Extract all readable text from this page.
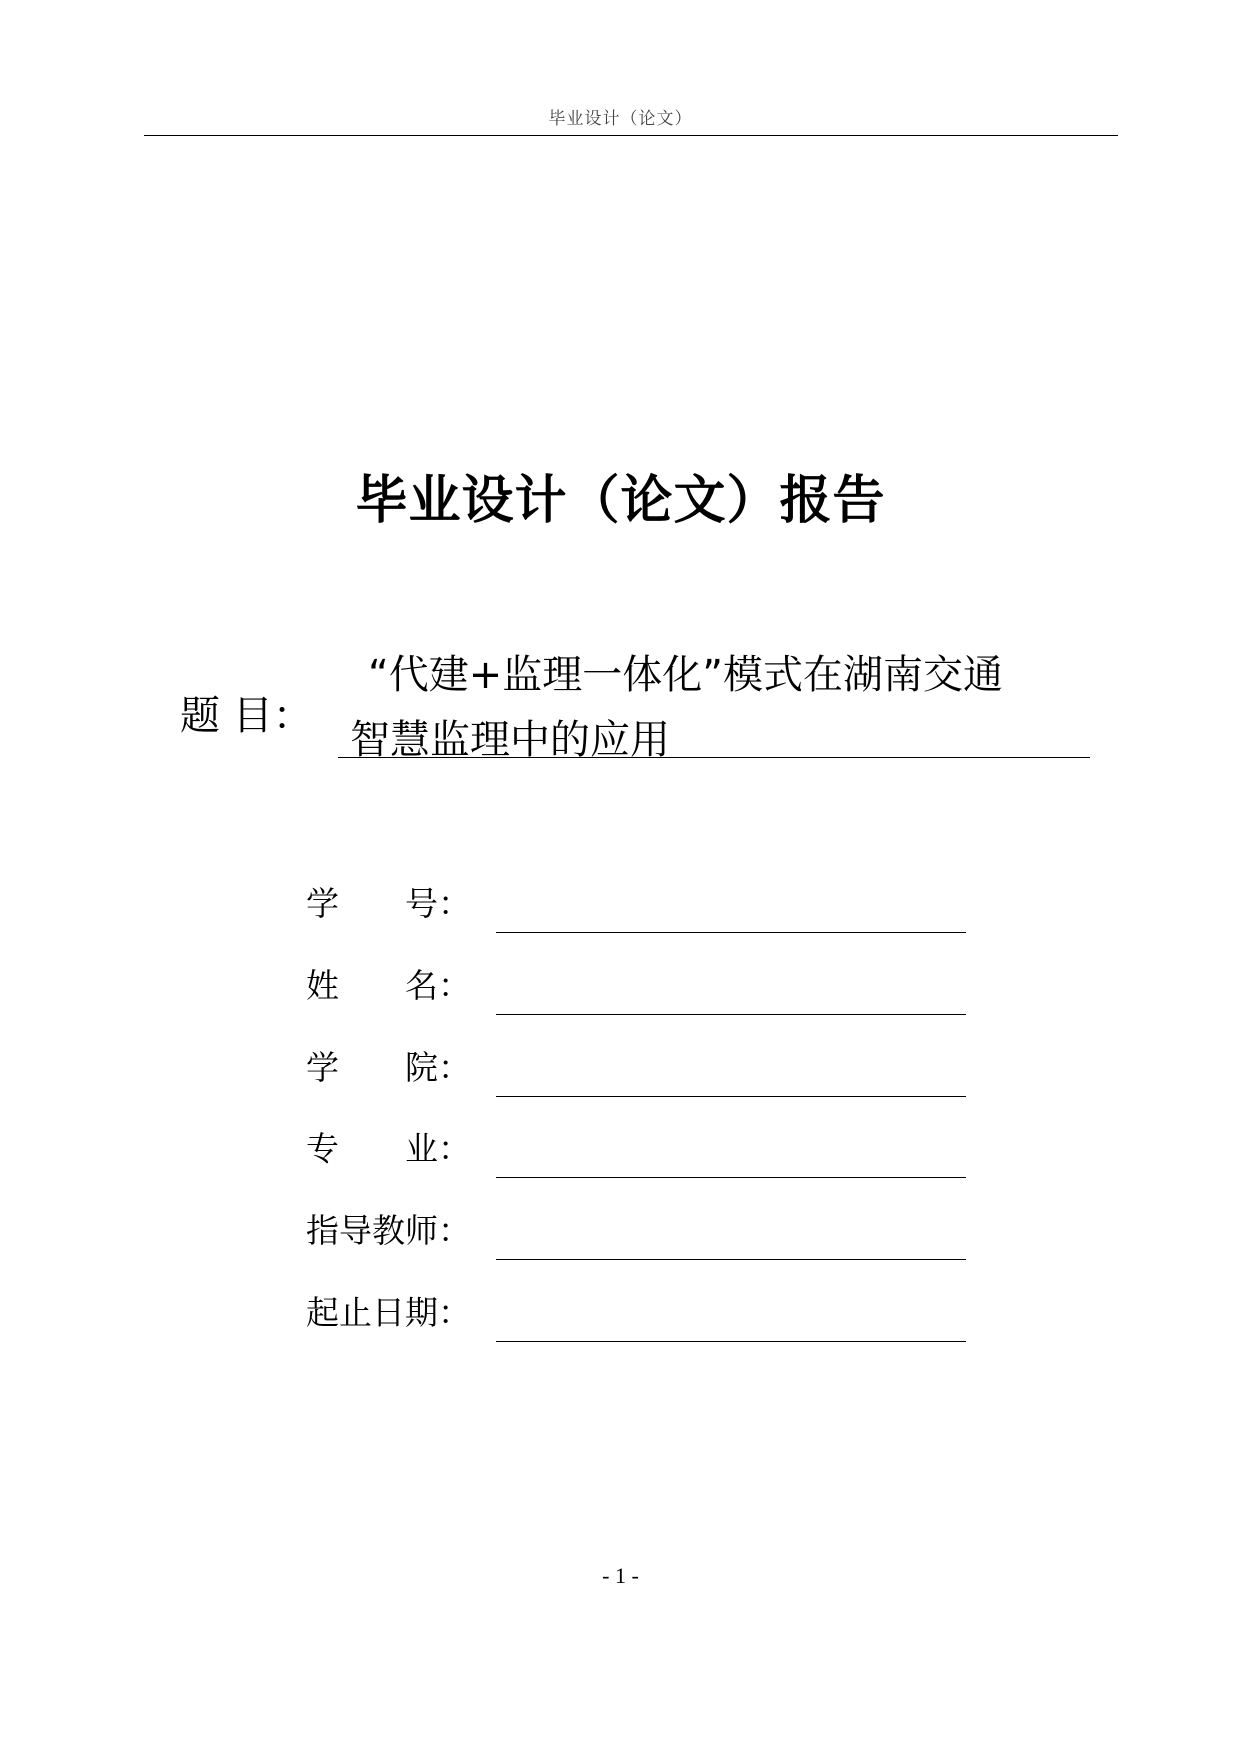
毕业设计（论文）
毕业设计（论文）报告
题 目：
“代建+监理一体化”模式在湖南交通
智慧监理中的应用
学　　号：
姓　　名：
学　　院：
专　　业：
指导教师：
起止日期：
- 1 -
